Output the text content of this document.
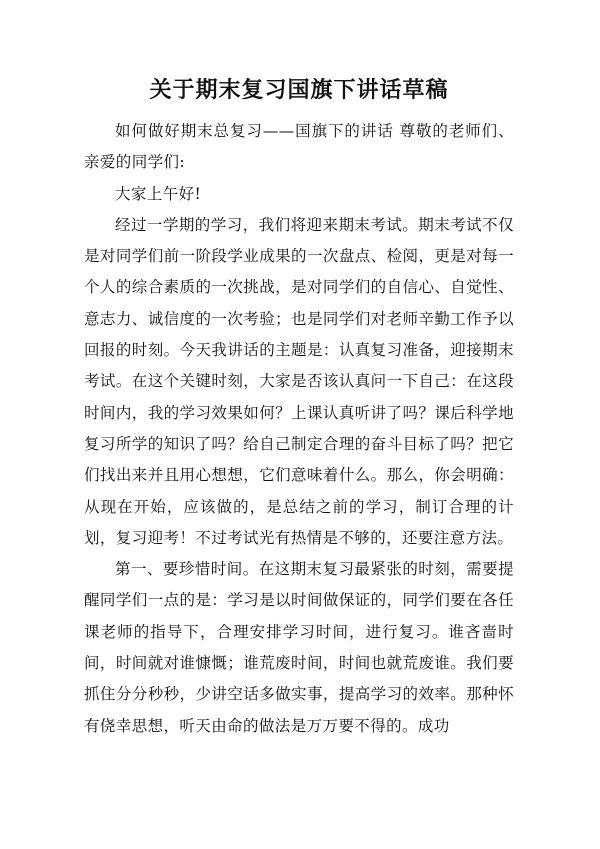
关于期末复习国旗下讲话草稿

如何做好期末总复习——国旗下的讲话 尊敬的老师们、亲爱的同学们:

大家上午好!

经过一学期的学习，我们将迎来期末考试。期末考试不仅是对同学们前一阶段学业成果的一次盘点、检阅，更是对每一个人的综合素质的一次挑战，是对同学们的自信心、自觉性、意志力、诚信度的一次考验；也是同学们对老师辛勤工作予以回报的时刻。今天我讲话的主题是：认真复习准备，迎接期末考试。在这个关键时刻，大家是否该认真问一下自己：在这段时间内，我的学习效果如何？上课认真听讲了吗？课后科学地复习所学的知识了吗？给自己制定合理的奋斗目标了吗？把它们找出来并且用心想想，它们意味着什么。那么，你会明确：从现在开始，应该做的，是总结之前的学习，制订合理的计划，复习迎考！不过考试光有热情是不够的，还要注意方法。

第一、要珍惜时间。在这期末复习最紧张的时刻，需要提醒同学们一点的是：学习是以时间做保证的，同学们要在各任课老师的指导下，合理安排学习时间，进行复习。谁吝啬时间，时间就对谁慷慨；谁荒废时间，时间也就荒废谁。我们要抓住分分秒秒，少讲空话多做实事，提高学习的效率。那种怀有侥幸思想，听天由命的做法是万万要不得的。成功
